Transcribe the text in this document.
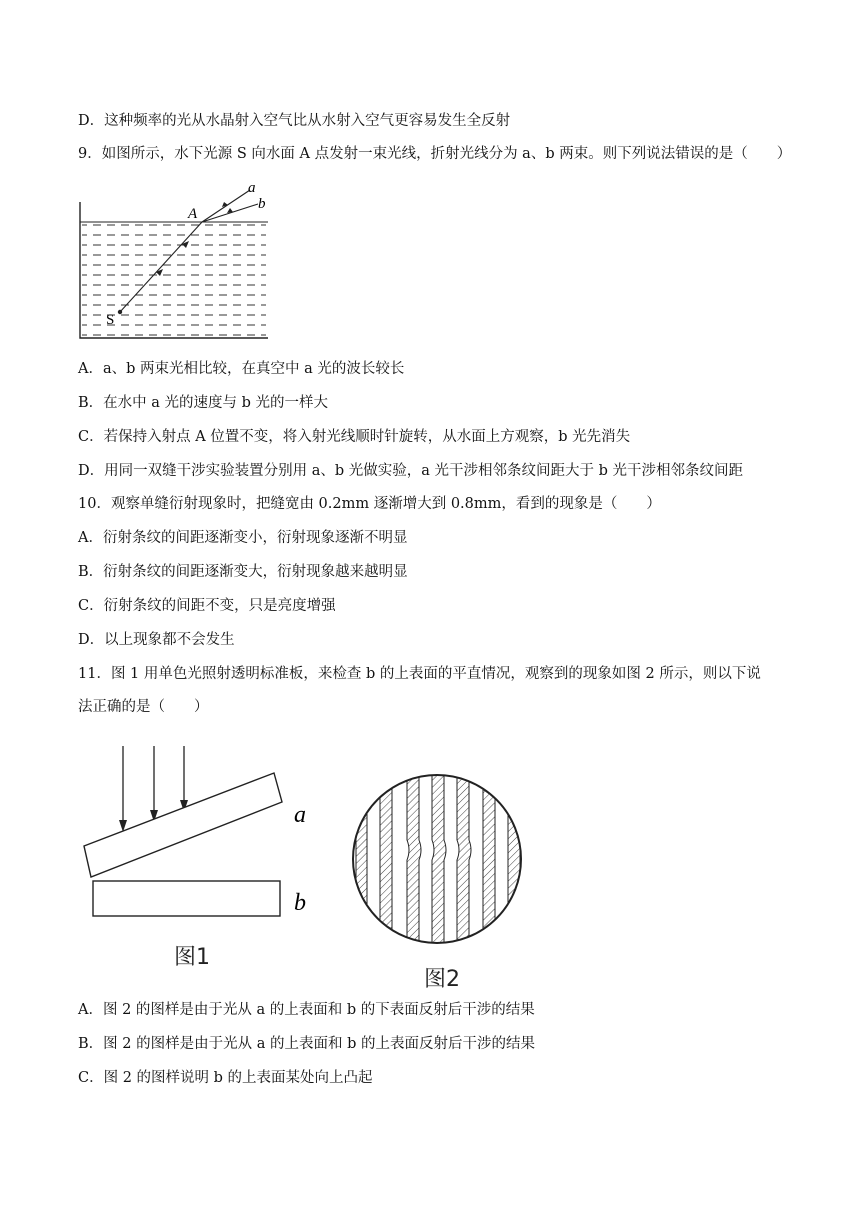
D．这种频率的光从水晶射入空气比从水射入空气更容易发生全反射
9．如图所示，水下光源 S 向水面 A 点发射一束光线，折射光线分为 a、b 两束。则下列说法错误的是（　　）
S
A
a
b
A．a、b 两束光相比较，在真空中 a 光的波长较长
B．在水中 a 光的速度与 b 光的一样大
C．若保持入射点 A 位置不变，将入射光线顺时针旋转，从水面上方观察，b 光先消失
D．用同一双缝干涉实验装置分别用 a、b 光做实验，a 光干涉相邻条纹间距大于 b 光干涉相邻条纹间距
10．观察单缝衍射现象时，把缝宽由 0.2mm 逐渐增大到 0.8mm，看到的现象是（　　）
A．衍射条纹的间距逐渐变小，衍射现象逐渐不明显
B．衍射条纹的间距逐渐变大，衍射现象越来越明显
C．衍射条纹的间距不变，只是亮度增强
D．以上现象都不会发生
11．图 1 用单色光照射透明标准板，来检查 b 的上表面的平直情况，观察到的现象如图 2 所示，则以下说
法正确的是（　　）
a
b
图1
图2
A．图 2 的图样是由于光从 a 的上表面和 b 的下表面反射后干涉的结果
B．图 2 的图样是由于光从 a 的上表面和 b 的上表面反射后干涉的结果
C．图 2 的图样说明 b 的上表面某处向上凸起
